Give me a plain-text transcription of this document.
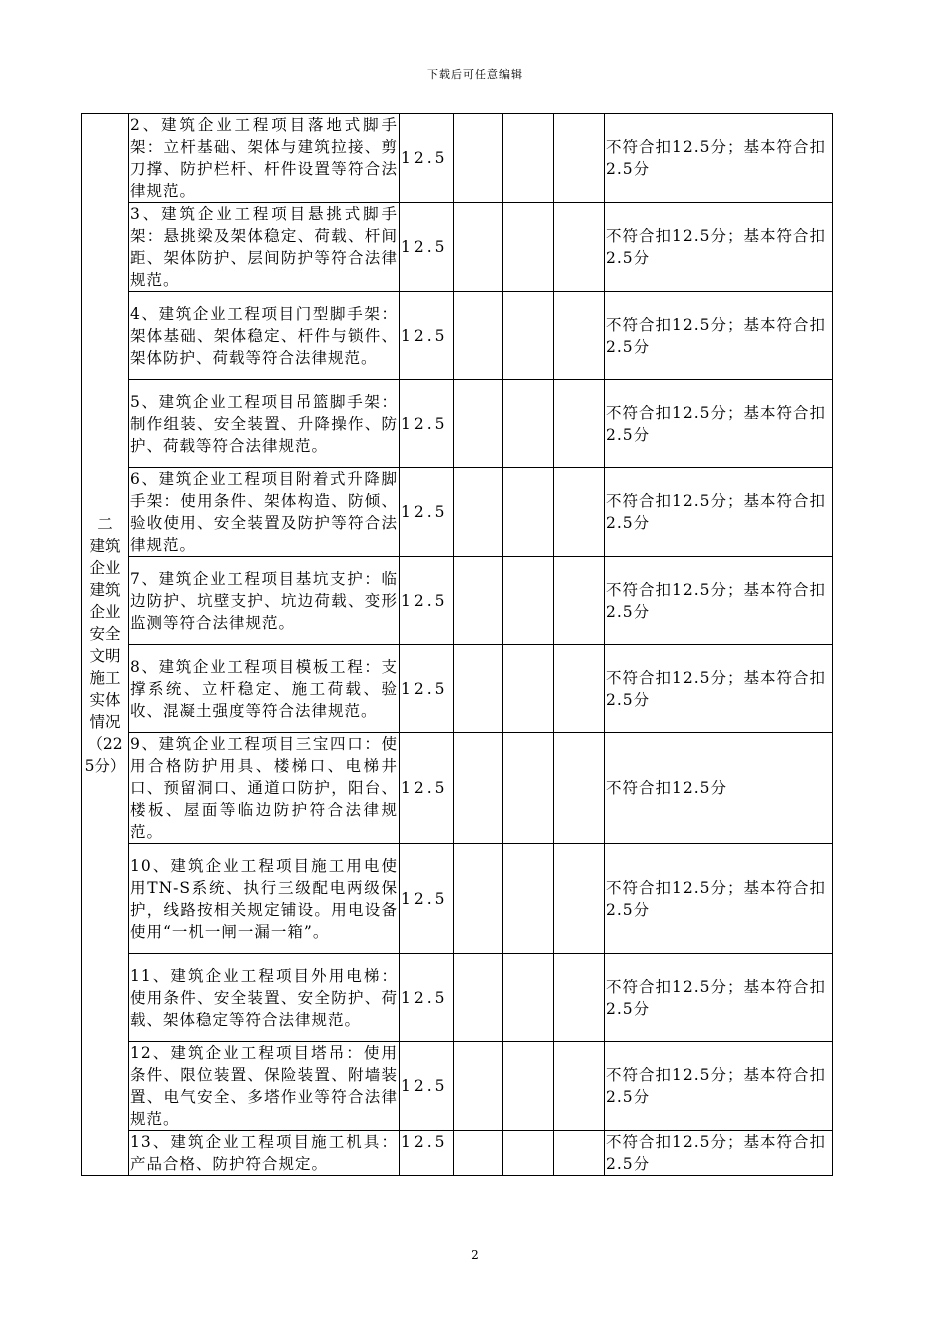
下载后可任意编辑
二
建筑企业建筑企业安全文明施工实体情况（225分）	2、建筑企业工程项目落地式脚手架：立杆基础、架体与建筑拉接、剪刀撑、防护栏杆、杆件设置等符合法律规范。	12.5				不符合扣12.5分；基本符合扣2.5分
	3、建筑企业工程项目悬挑式脚手架：悬挑梁及架体稳定、荷载、杆间距、架体防护、层间防护等符合法律规范。	12.5				不符合扣12.5分；基本符合扣2.5分
	4、建筑企业工程项目门型脚手架：架体基础、架体稳定、杆件与锁件、架体防护、荷载等符合法律规范。	12.5				不符合扣12.5分；基本符合扣2.5分
	5、建筑企业工程项目吊篮脚手架：制作组装、安全装置、升降操作、防护、荷载等符合法律规范。	12.5				不符合扣12.5分；基本符合扣2.5分
	6、建筑企业工程项目附着式升降脚手架：使用条件、架体构造、防倾、验收使用、安全装置及防护等符合法律规范。	12.5				不符合扣12.5分；基本符合扣2.5分
	7、建筑企业工程项目基坑支护：临边防护、坑壁支护、坑边荷载、变形监测等符合法律规范。	12.5				不符合扣12.5分；基本符合扣2.5分
	8、建筑企业工程项目模板工程：支撑系统、立杆稳定、施工荷载、验收、混凝土强度等符合法律规范。	12.5				不符合扣12.5分；基本符合扣2.5分
	9、建筑企业工程项目三宝四口：使用合格防护用具、楼梯口、电梯井口、预留洞口、通道口防护，阳台、楼板、屋面等临边防护符合法律规范。	12.5				不符合扣12.5分
	10、建筑企业工程项目施工用电使用TN-S系统、执行三级配电两级保护，线路按相关规定铺设。用电设备使用“一机一闸一漏一箱”。	12.5				不符合扣12.5分；基本符合扣2.5分
	11、建筑企业工程项目外用电梯：使用条件、安全装置、安全防护、荷载、架体稳定等符合法律规范。	12.5				不符合扣12.5分；基本符合扣2.5分
	12、建筑企业工程项目塔吊：使用条件、限位装置、保险装置、附墙装置、电气安全、多塔作业等符合法律规范。	12.5				不符合扣12.5分；基本符合扣2.5分
	13、建筑企业工程项目施工机具：产品合格、防护符合规定。	12.5				不符合扣12.5分；基本符合扣2.5分
2
